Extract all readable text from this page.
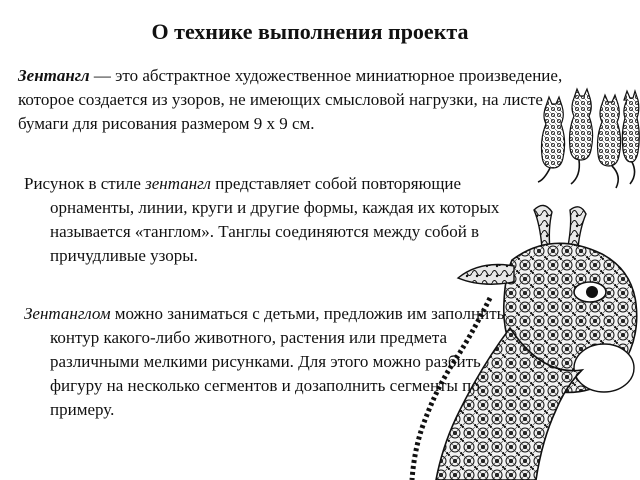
О технике выполнения проекта
Зентангл — это абстрактное художественное миниатюрное произведение, которое создается из узоров, не имеющих смысловой нагрузки, на листе бумаги для рисования размером 9 х 9 см.
Рисунок в стиле зентангл представляет собой повторяющие орнаменты, линии, круги и другие формы, каждая их которых называется «танглом». Танглы соединяются между собой в причудливые узоры.
Зентанглом можно заниматься с детьми, предложив им заполнить контур какого-либо животного, растения или предмета различными мелкими рисунками. Для этого можно разбить фигуру на несколько сегментов и дозаполнить сегменты по примеру.
